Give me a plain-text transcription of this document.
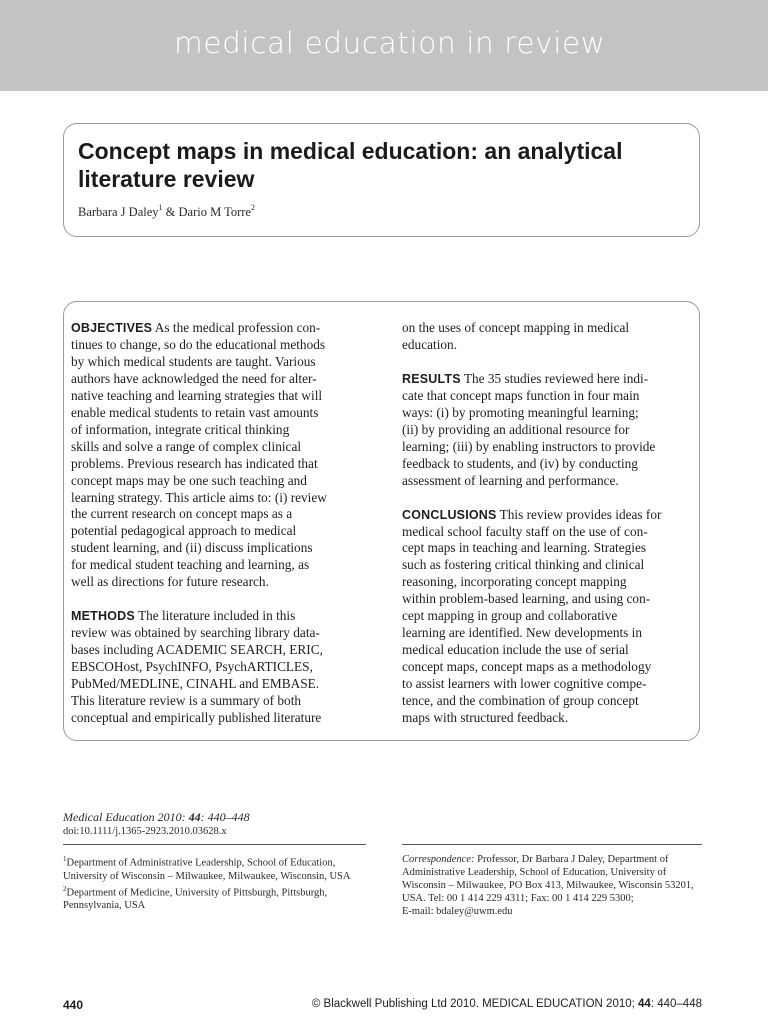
medical education in review
Concept maps in medical education: an analytical literature review
Barbara J Daley$^1$ & Dario M Torre$^2$

OBJECTIVES As the medical profession con-
tinues to change, so do the educational methods
by which medical students are taught. Various
authors have acknowledged the need for alter-
native teaching and learning strategies that will
enable medical students to retain vast amounts
of information, integrate critical thinking
skills and solve a range of complex clinical
problems. Previous research has indicated that
concept maps may be one such teaching and
learning strategy. This article aims to: (i) review
the current research on concept maps as a
potential pedagogical approach to medical
student learning, and (ii) discuss implications
for medical student teaching and learning, as
well as directions for future research.

METHODS The literature included in this
review was obtained by searching library data-
bases including ACADEMIC SEARCH, ERIC,
EBSCOHost, PsychINFO, PsychARTICLES,
PubMed/MEDLINE, CINAHL and EMBASE.
This literature review is a summary of both
conceptual and empirically published literature

on the uses of concept mapping in medical
education.

RESULTS The 35 studies reviewed here indi-
cate that concept maps function in four main
ways: (i) by promoting meaningful learning;
(ii) by providing an additional resource for
learning; (iii) by enabling instructors to provide
feedback to students, and (iv) by conducting
assessment of learning and performance.

CONCLUSIONS This review provides ideas for
medical school faculty staff on the use of con-
cept maps in teaching and learning. Strategies
such as fostering critical thinking and clinical
reasoning, incorporating concept mapping
within problem-based learning, and using con-
cept mapping in group and collaborative
learning are identified. New developments in
medical education include the use of serial
concept maps, concept maps as a methodology
to assist learners with lower cognitive compe-
tence, and the combination of group concept
maps with structured feedback.

Medical Education 2010: 44: 440–448
doi:10.1111/j.1365-2923.2010.03628.x
$^1$Department of Administrative Leadership, School of Education,
University of Wisconsin – Milwaukee, Milwaukee, Wisconsin, USA
$^2$Department of Medicine, University of Pittsburgh, Pittsburgh,
Pennsylvania, USA
Correspondence: Professor, Dr Barbara J Daley, Department of
Administrative Leadership, School of Education, University of
Wisconsin – Milwaukee, PO Box 413, Milwaukee, Wisconsin 53201,
USA. Tel: 00 1 414 229 4311; Fax: 00 1 414 229 5300;
E-mail: bdaley@uwm.edu
440	© Blackwell Publishing Ltd 2010. MEDICAL EDUCATION 2010; 44: 440–448
